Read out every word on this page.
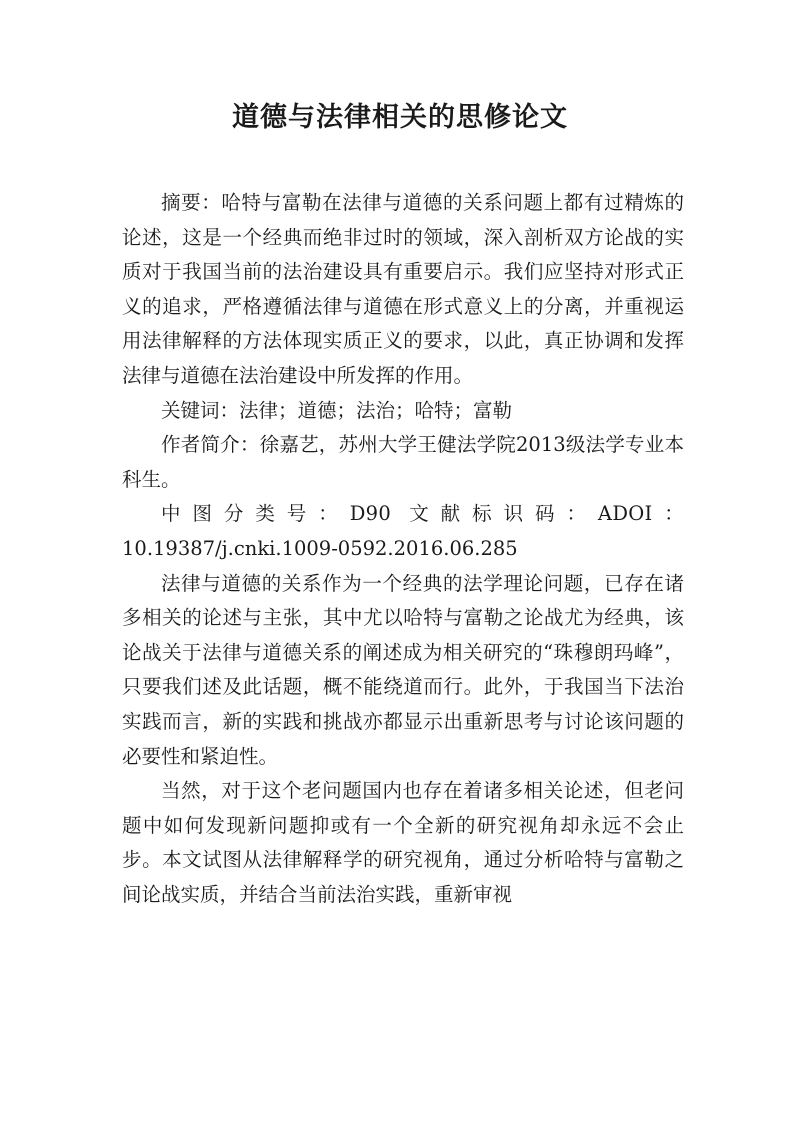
道德与法律相关的思修论文

摘要：哈特与富勒在法律与道德的关系问题上都有过精炼的论述，这是一个经典而绝非过时的领域，深入剖析双方论战的实质对于我国当前的法治建设具有重要启示。我们应坚持对形式正义的追求，严格遵循法律与道德在形式意义上的分离，并重视运用法律解释的方法体现实质正义的要求，以此，真正协调和发挥法律与道德在法治建设中所发挥的作用。

关键词：法律；道德；法治；哈特；富勒

作者简介：徐嘉艺，苏州大学王健法学院2013级法学专业本科生。

中图分类号：D90 文献标识码：ADOI：

10.19387/j.cnki.1009-0592.2016.06.285

法律与道德的关系作为一个经典的法学理论问题，已存在诸多相关的论述与主张，其中尤以哈特与富勒之论战尤为经典，该论战关于法律与道德关系的阐述成为相关研究的“珠穆朗玛峰”，只要我们述及此话题，概不能绕道而行。此外，于我国当下法治实践而言，新的实践和挑战亦都显示出重新思考与讨论该问题的必要性和紧迫性。

当然，对于这个老问题国内也存在着诸多相关论述，但老问题中如何发现新问题抑或有一个全新的研究视角却永远不会止步。本文试图从法律解释学的研究视角，通过分析哈特与富勒之间论战实质，并结合当前法治实践，重新审视
